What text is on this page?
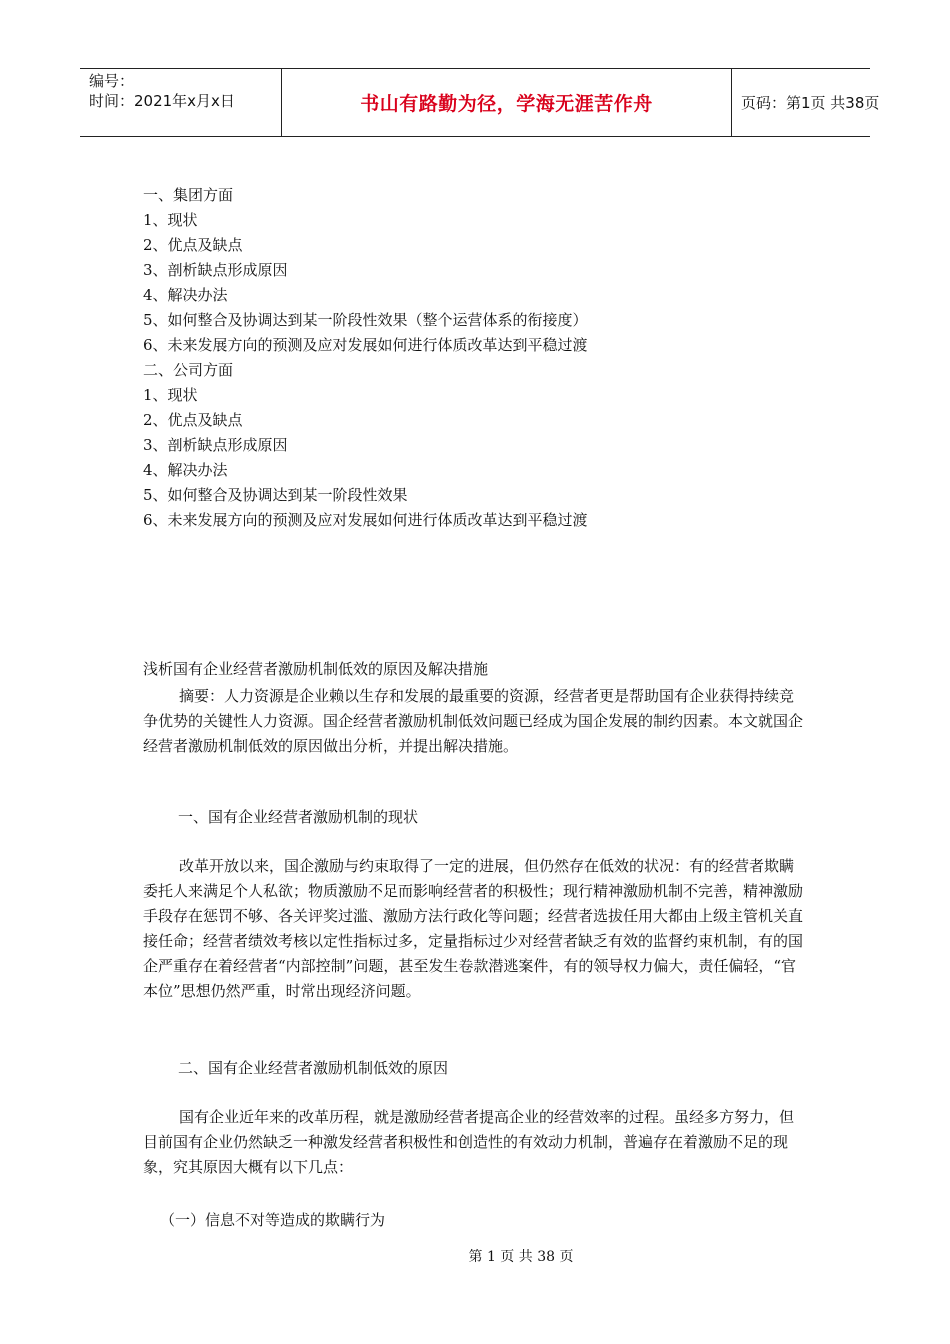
编号：
时间：2021年x月x日	书山有路勤为径，学海无涯苦作舟	页码：第1页 共38页
一、集团方面
1、现状
2、优点及缺点
3、剖析缺点形成原因
4、解决办法
5、如何整合及协调达到某一阶段性效果（整个运营体系的衔接度）
6、未来发展方向的预测及应对发展如何进行体质改革达到平稳过渡
二、公司方面
1、现状
2、优点及缺点
3、剖析缺点形成原因
4、解决办法
5、如何整合及协调达到某一阶段性效果
6、未来发展方向的预测及应对发展如何进行体质改革达到平稳过渡
浅析国有企业经营者激励机制低效的原因及解决措施
摘要：人力资源是企业赖以生存和发展的最重要的资源，经营者更是帮助国有企业获得持续竞争优势的关键性人力资源。国企经营者激励机制低效问题已经成为国企发展的制约因素。本文就国企经营者激励机制低效的原因做出分析，并提出解决措施。
一、国有企业经营者激励机制的现状
改革开放以来，国企激励与约束取得了一定的进展，但仍然存在低效的状况：有的经营者欺瞒委托人来满足个人私欲；物质激励不足而影响经营者的积极性；现行精神激励机制不完善，精神激励手段存在惩罚不够、各关评奖过滥、激励方法行政化等问题；经营者选拔任用大都由上级主管机关直接任命；经营者绩效考核以定性指标过多，定量指标过少对经营者缺乏有效的监督约束机制，有的国企严重存在着经营者“内部控制”问题，甚至发生卷款潜逃案件，有的领导权力偏大，责任偏轻，“官本位”思想仍然严重，时常出现经济问题。
二、国有企业经营者激励机制低效的原因
国有企业近年来的改革历程，就是激励经营者提高企业的经营效率的过程。虽经多方努力，但目前国有企业仍然缺乏一种激发经营者积极性和创造性的有效动力机制，普遍存在着激励不足的现象，究其原因大概有以下几点：
（一）信息不对等造成的欺瞒行为
第 1 页 共 38 页
